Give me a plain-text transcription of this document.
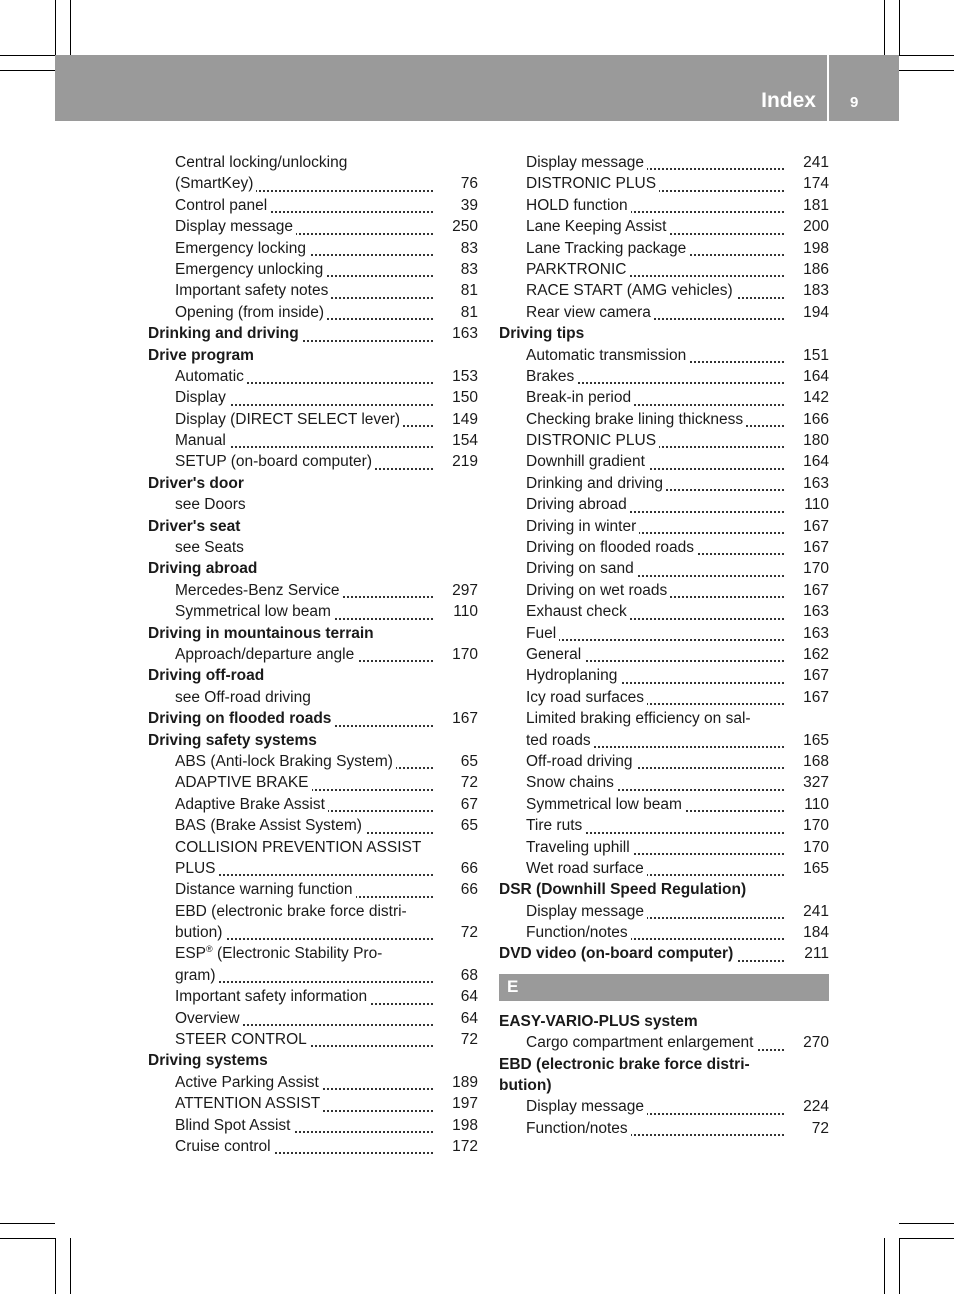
Index 9
Central locking/unlocking
(SmartKey)	76
Control panel	39
Display message	250
Emergency locking	83
Emergency unlocking	83
Important safety notes	81
Opening (from inside)	81
Drinking and driving	163
Drive program
Automatic	153
Display	150
Display (DIRECT SELECT lever)	149
Manual	154
SETUP (on-board computer)	219
Driver's door
see Doors
Driver's seat
see Seats
Driving abroad
Mercedes-Benz Service	297
Symmetrical low beam	110
Driving in mountainous terrain
Approach/departure angle	170
Driving off-road
see Off-road driving
Driving on flooded roads	167
Driving safety systems
ABS (Anti-lock Braking System)	65
ADAPTIVE BRAKE	72
Adaptive Brake Assist	67
BAS (Brake Assist System)	65
COLLISION PREVENTION ASSIST
PLUS	66
Distance warning function	66
EBD (electronic brake force distri-
bution)	72
ESP® (Electronic Stability Pro-
gram)	68
Important safety information	64
Overview	64
STEER CONTROL	72
Driving systems
Active Parking Assist	189
ATTENTION ASSIST	197
Blind Spot Assist	198
Cruise control	172
Display message	241
DISTRONIC PLUS	174
HOLD function	181
Lane Keeping Assist	200
Lane Tracking package	198
PARKTRONIC	186
RACE START (AMG vehicles)	183
Rear view camera	194
Driving tips
Automatic transmission	151
Brakes	164
Break-in period	142
Checking brake lining thickness	166
DISTRONIC PLUS	180
Downhill gradient	164
Drinking and driving	163
Driving abroad	110
Driving in winter	167
Driving on flooded roads	167
Driving on sand	170
Driving on wet roads	167
Exhaust check	163
Fuel	163
General	162
Hydroplaning	167
Icy road surfaces	167
Limited braking efficiency on sal-
ted roads	165
Off-road driving	168
Snow chains	327
Symmetrical low beam	110
Tire ruts	170
Traveling uphill	170
Wet road surface	165
DSR (Downhill Speed Regulation)
Display message	241
Function/notes	184
DVD video (on-board computer)	211
E
EASY-VARIO-PLUS system
Cargo compartment enlargement	270
EBD (electronic brake force distri-
bution)
Display message	224
Function/notes	72
